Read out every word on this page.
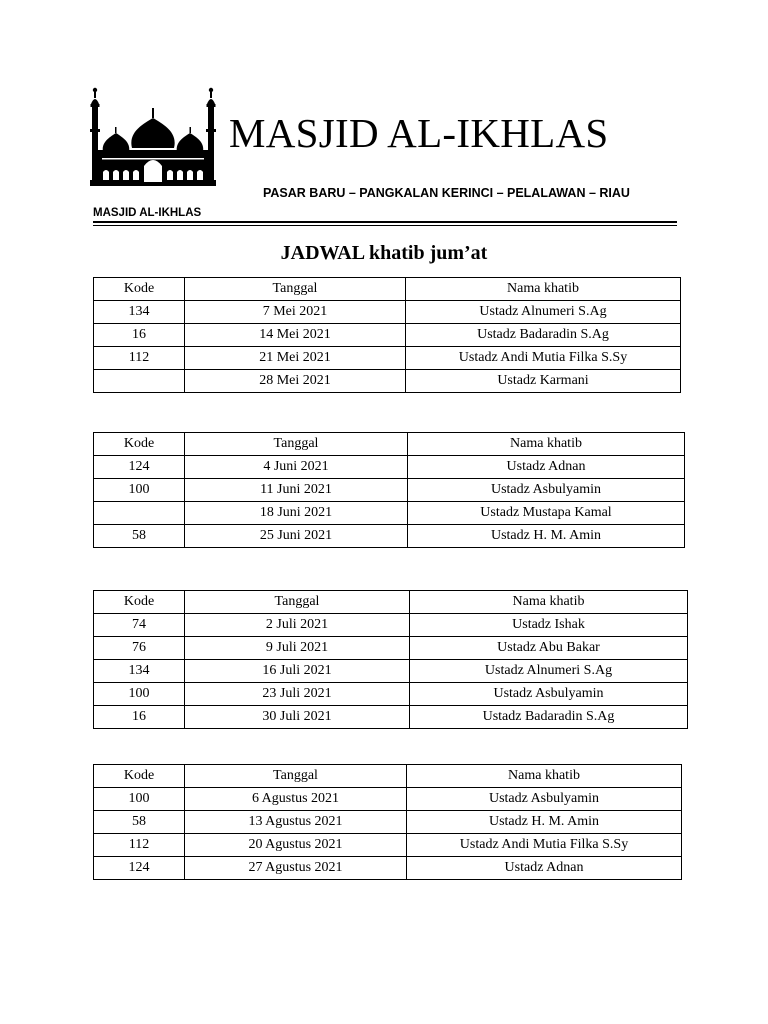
MASJID AL-IKHLAS
PASAR BARU – PANGKALAN KERINCI – PELALAWAN – RIAU
MASJID AL-IKHLAS
JADWAL khatib jum’at
Kode	Tanggal	Nama khatib
134	7 Mei 2021	Ustadz Alnumeri S.Ag
16	14 Mei 2021	Ustadz Badaradin S.Ag
112	21 Mei 2021	Ustadz Andi Mutia Filka S.Sy
	28 Mei 2021	Ustadz Karmani
Kode	Tanggal	Nama khatib
124	4 Juni 2021	Ustadz Adnan
100	11 Juni 2021	Ustadz Asbulyamin
	18 Juni 2021	Ustadz Mustapa Kamal
58	25 Juni 2021	Ustadz H. M. Amin
Kode	Tanggal	Nama khatib
74	2 Juli 2021	Ustadz Ishak
76	9 Juli 2021	Ustadz Abu Bakar
134	16 Juli 2021	Ustadz Alnumeri S.Ag
100	23 Juli 2021	Ustadz Asbulyamin
16	30 Juli 2021	Ustadz Badaradin S.Ag
Kode	Tanggal	Nama khatib
100	6 Agustus 2021	Ustadz Asbulyamin
58	13 Agustus 2021	Ustadz H. M. Amin
112	20 Agustus 2021	Ustadz Andi Mutia Filka S.Sy
124	27 Agustus 2021	Ustadz Adnan
